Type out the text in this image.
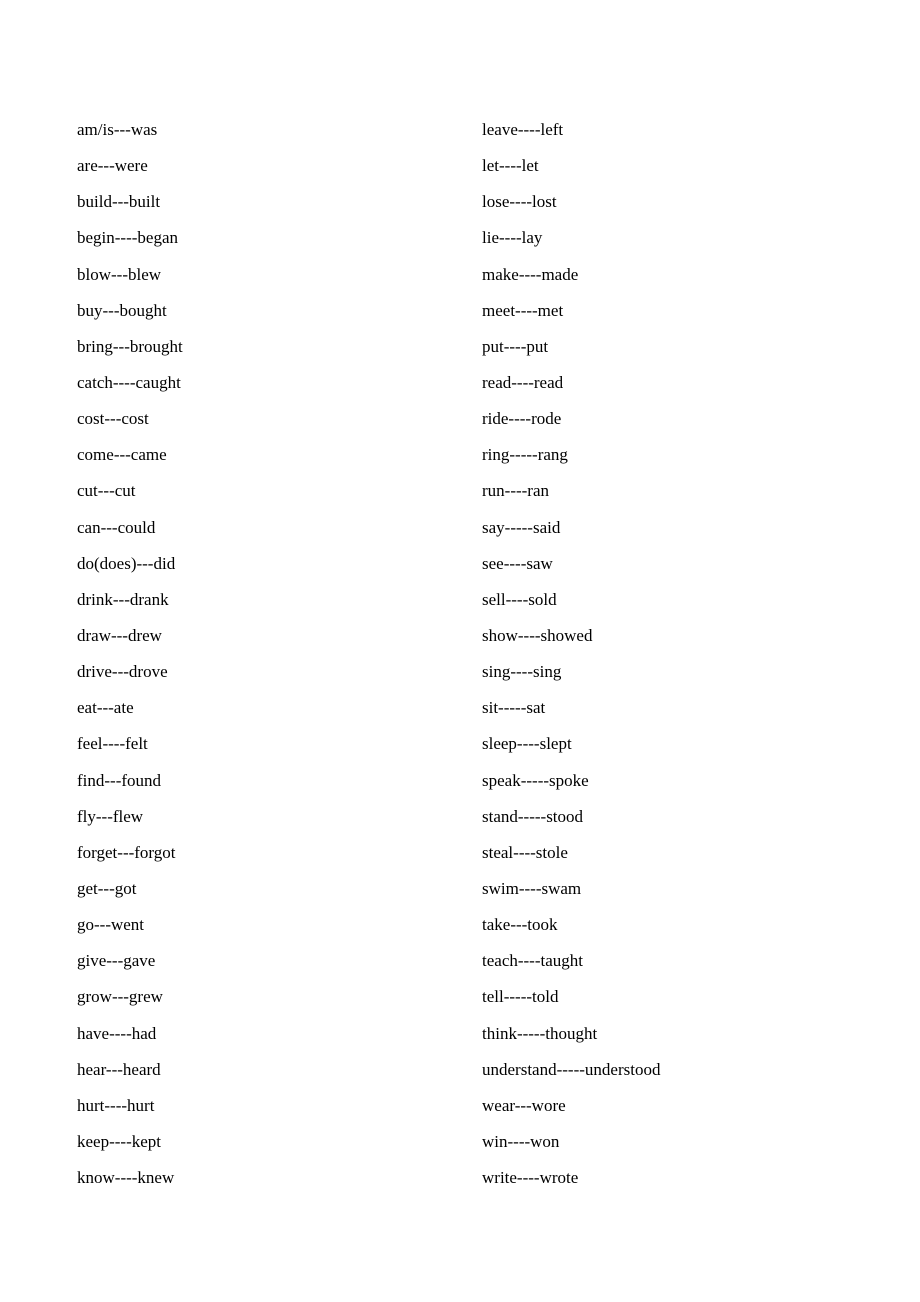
am/is---was
are---were
build---built
begin----began
blow---blew
buy---bought
bring---brought
catch----caught
cost---cost
come---came
cut---cut
can---could
do(does)---did
drink---drank
draw---drew
drive---drove
eat---ate
feel----felt
find---found
fly---flew
forget---forgot
get---got
go---went
give---gave
grow---grew
have----had
hear---heard
hurt----hurt
keep----kept
know----knew
leave----left
let----let
lose----lost
lie----lay
make----made
meet----met
put----put
read----read
ride----rode
ring-----rang
run----ran
say-----said
see----saw
sell----sold
show----showed
sing----sing
sit-----sat
sleep----slept
speak-----spoke
stand-----stood
steal----stole
swim----swam
take---took
teach----taught
tell-----told
think-----thought
understand-----understood
wear---wore
win----won
write----wrote
